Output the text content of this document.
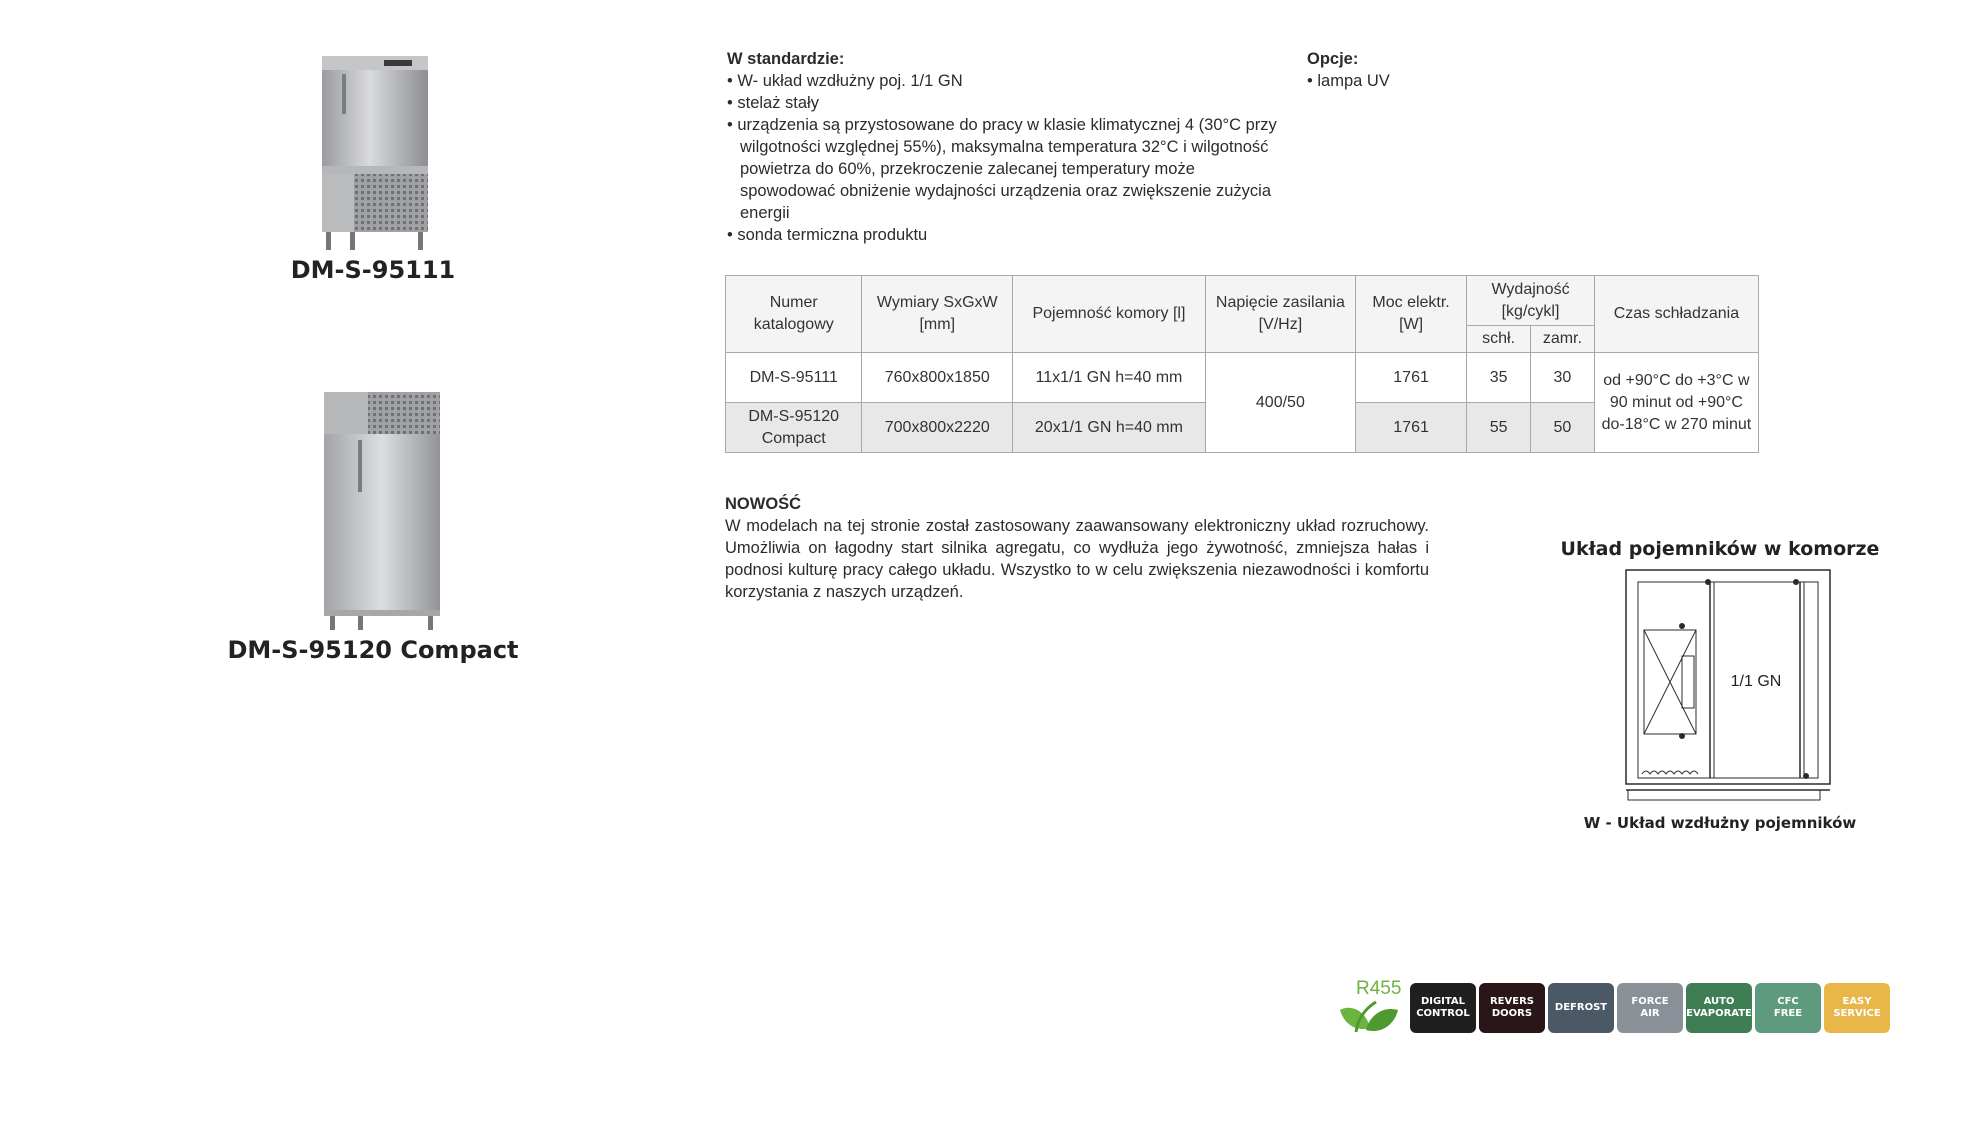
DM-S-95111
DM-S-95120 Compact
W standardzie:
• W- układ wzdłużny poj. 1/1 GN
• stelaż stały
• urządzenia są przystosowane do pracy w klasie klimatycznej 4 (30°C przy wilgotności względnej 55%), maksymalna temperatura 32°C i wilgotność powietrza do 60%, przekroczenie zalecanej temperatury może spowodować obniżenie wydajności urządzenia oraz zwiększenie zużycia energii
• sonda termiczna produktu
Opcje:
• lampa UV
Numer katalogowy	Wymiary SxGxW [mm]	Pojemność komory [l]	Napięcie zasilania [V/Hz]	Moc elektr. [W]	Wydajność [kg/cykl]		Czas schładzania
					schł.	zamr.	
DM-S-95111	760x800x1850	11x1/1 GN h=40 mm	400/50	1761	35	30	od +90°C do +3°C w 90 minut od +90°C do-18°C w 270 minut
DM-S-95120 Compact	700x800x2220	20x1/1 GN h=40 mm		1761	55	50	
NOWOŚĆ
W modelach na tej stronie został zastosowany zaawansowany elektroniczny układ rozruchowy. Umożliwia on łagodny start silnika agregatu, co wydłuża jego żywotność, zmniejsza hałas i podnosi kulturę pracy całego układu. Wszystko to w celu zwiększenia niezawodności i komfortu korzystania z naszych urządzeń.
Układ pojemników w komorze
1/1 GN
W - Układ wzdłużny pojemników
R455
DIGITAL
CONTROL
REVERS
DOORS
DEFROST
FORCE
AIR
AUTO
EVAPORATE
CFC
FREE
EASY
SERVICE
